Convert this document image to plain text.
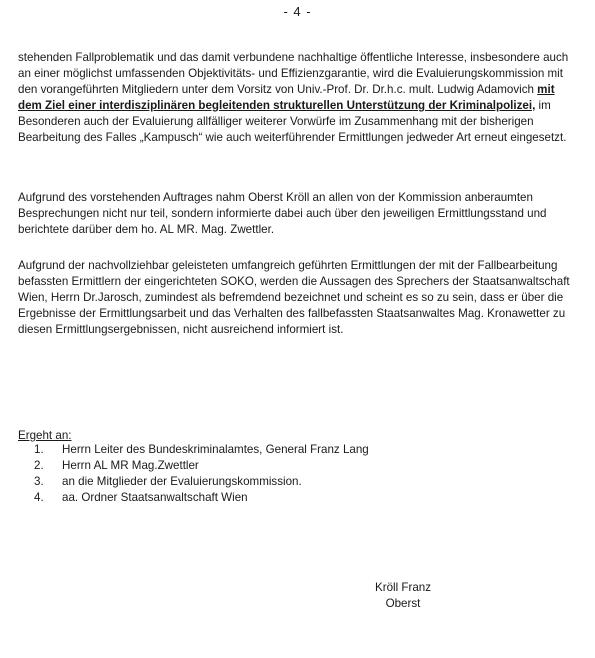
- 4 -

stehenden Fallproblematik und das damit verbundene nachhaltige öffentliche Interesse, insbesondere auch an einer möglichst umfassenden Objektivitäts- und Effizienzgarantie, wird die Evaluierungskommission mit den vorangeführten Mitgliedern unter dem Vorsitz von Univ.-Prof. Dr. Dr.h.c. mult. Ludwig Adamovich mit dem Ziel einer interdisziplinären begleitenden strukturellen Unterstützung der Kriminalpolizei, im Besonderen auch der Evaluierung allfälliger weiterer Vorwürfe im Zusammenhang mit der bisherigen Bearbeitung des Falles „Kampusch“ wie auch weiterführender Ermittlungen jedweder Art erneut eingesetzt.

Aufgrund des vorstehenden Auftrages nahm Oberst Kröll an allen von der Kommission anberaumten Besprechungen nicht nur teil, sondern informierte dabei auch über den jeweiligen Ermittlungsstand und berichtete darüber dem ho. AL MR. Mag. Zwettler.

Aufgrund der nachvollziehbar geleisteten umfangreich geführten Ermittlungen der mit der Fallbearbeitung befassten Ermittlern der eingerichteten SOKO, werden die Aussagen des Sprechers der Staatsanwaltschaft Wien, Herrn Dr.Jarosch, zumindest als befremdend bezeichnet und scheint es so zu sein, dass er über die Ergebnisse der Ermittlungsarbeit und das Verhalten des fallbefassten Staatsanwaltes Mag. Kronawetter zu diesen Ermittlungsergebnissen, nicht ausreichend informiert ist.

Ergeht an:
1.	Herrn Leiter des Bundeskriminalamtes, General Franz Lang
2.	Herrn AL MR Mag.Zwettler
3.	an die Mitglieder der Evaluierungskommission.
4.	aa. Ordner Staatsanwaltschaft Wien
Kröll Franz
Oberst
